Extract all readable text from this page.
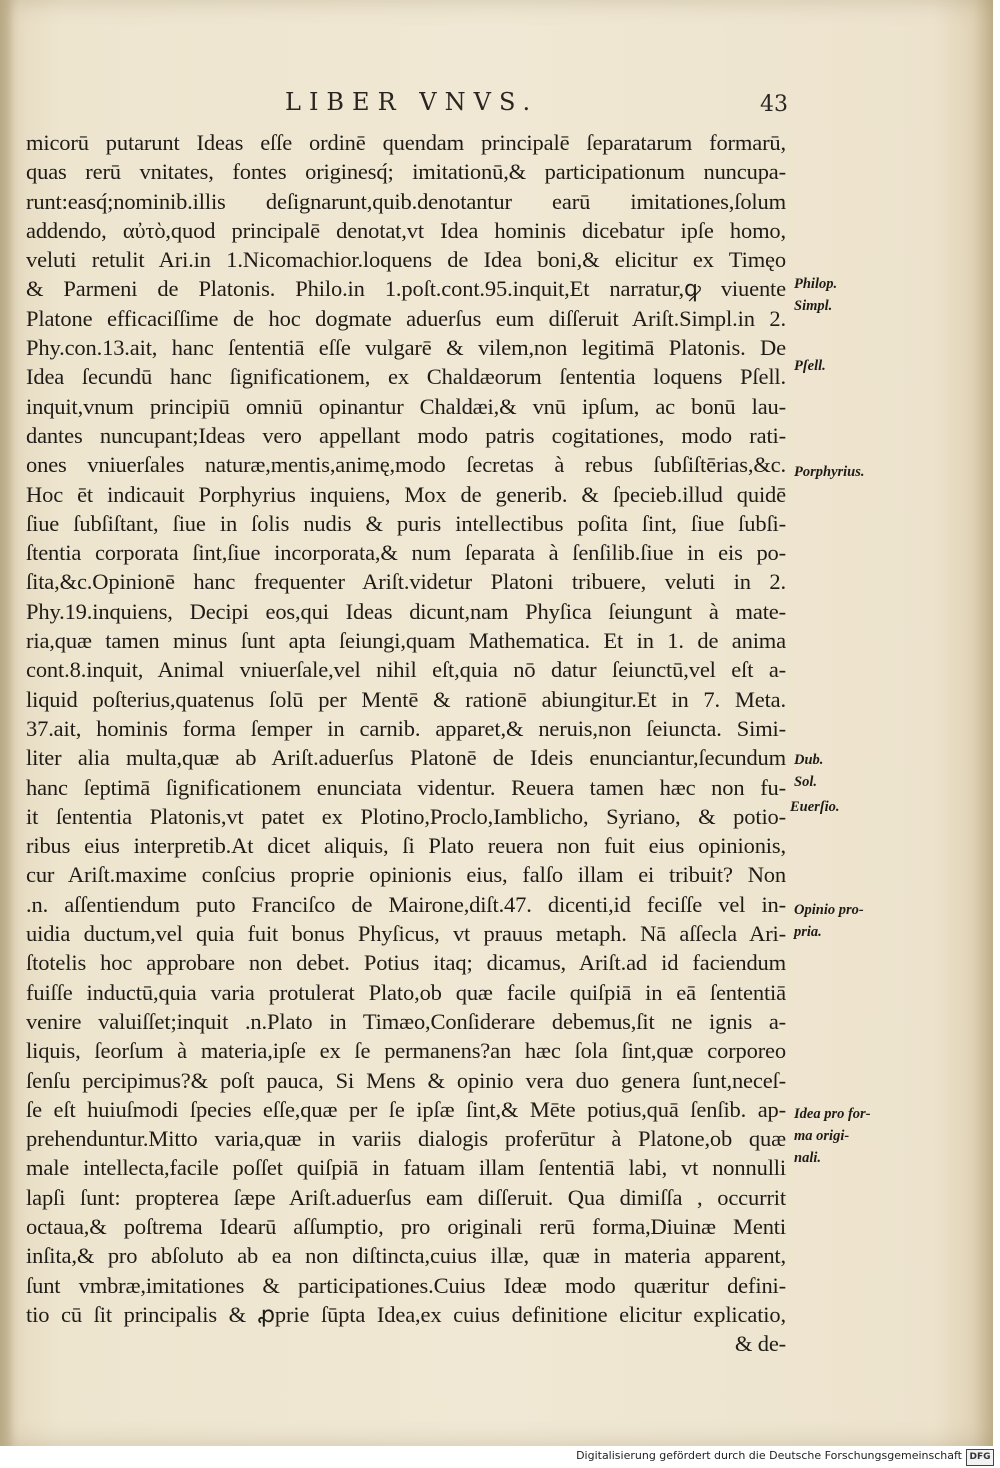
LIBER VNVS.	43
micorū putarunt Ideas eſſe ordinē quendam principalē ſeparatarum formarū,
quas rerū vnitates, fontes originesq́; imitationū,& participationum nuncupa-
runt:easq́;nominib.illis deſignarunt,quib.denotantur earū imitationes,ſolum
addendo, αὐτὸ,quod principalē denotat,vt Idea hominis dicebatur ipſe homo,
veluti retulit Ari.in 1.Nicomachior.loquens de Idea boni,& elicitur ex Timęo
& Parmeni de Platonis. Philo.in 1.poſt.cont.95.inquit,Et narratur,ꝙ viuente
Platone efficaciſſime de hoc dogmate aduerſus eum diſſeruit Ariſt.Simpl.in 2.
Phy.con.13.ait, hanc ſententiā eſſe vulgarē & vilem,non legitimā Platonis. De
Idea ſecundū hanc ſignificationem, ex Chaldæorum ſententia loquens Pſell.
inquit,vnum principiū omniū opinantur Chaldæi,& vnū ipſum, ac bonū lau-
dantes nuncupant;Ideas vero appellant modo patris cogitationes, modo rati-
ones vniuerſales naturæ,mentis,animę,modo ſecretas à rebus ſubſiſtērias,&c.
Hoc ēt indicauit Porphyrius inquiens, Mox de generib. & ſpecieb.illud quidē
ſiue ſubſiſtant, ſiue in ſolis nudis & puris intellectibus poſita ſint, ſiue ſubſi-
ſtentia corporata ſint,ſiue incorporata,& num ſeparata à ſenſilib.ſiue in eis po-
ſita,&c.Opinionē hanc frequenter Ariſt.videtur Platoni tribuere, veluti in 2.
Phy.19.inquiens, Decipi eos,qui Ideas dicunt,nam Phyſica ſeiungunt à mate-
ria,quæ tamen minus ſunt apta ſeiungi,quam Mathematica. Et in 1. de anima
cont.8.inquit, Animal vniuerſale,vel nihil eſt,quia nō datur ſeiunctū,vel eſt a-
liquid poſterius,quatenus ſolū per Mentē & rationē abiungitur.Et in 7. Meta.
37.ait, hominis forma ſemper in carnib. apparet,& neruis,non ſeiuncta. Simi-
liter alia multa,quæ ab Ariſt.aduerſus Platonē de Ideis enunciantur,ſecundum
hanc ſeptimā ſignificationem enunciata videntur. Reuera tamen hæc non fu-
it ſententia Platonis,vt patet ex Plotino,Proclo,Iamblicho, Syriano, & potio-
ribus eius interpretib.At dicet aliquis, ſi Plato reuera non fuit eius opinionis,
cur Ariſt.maxime conſcius proprie opinionis eius, falſo illam ei tribuit? Non
.n. aſſentiendum puto Franciſco de Mairone,diſt.47. dicenti,id feciſſe vel in-
uidia ductum,vel quia fuit bonus Phyſicus, vt prauus metaph. Nā aſſecla Ari-
ſtotelis hoc approbare non debet. Potius itaq; dicamus, Ariſt.ad id faciendum
fuiſſe inductū,quia varia protulerat Plato,ob quæ facile quiſpiā in eā ſententiā
venire valuiſſet;inquit .n.Plato in Timæo,Conſiderare debemus,ſit ne ignis a-
liquis, ſeorſum à materia,ipſe ex ſe permanens?an hæc ſola ſint,quæ corporeo
ſenſu percipimus?& poſt pauca, Si Mens & opinio vera duo genera ſunt,neceſ-
ſe eſt huiuſmodi ſpecies eſſe,quæ per ſe ipſæ ſint,& Mēte potius,quā ſenſib. ap-
prehenduntur.Mitto varia,quæ in variis dialogis proferūtur à Platone,ob quæ
male intellecta,facile poſſet quiſpiā in fatuam illam ſententiā labi, vt nonnulli
lapſi ſunt: propterea ſæpe Ariſt.aduerſus eam diſſeruit. Qua dimiſſa , occurrit
octaua,& poſtrema Idearū aſſumptio, pro originali rerū forma,Diuinæ Menti
inſita,& pro abſoluto ab ea non diſtincta,cuius illæ, quæ in materia apparent,
ſunt vmbræ,imitationes & participationes.Cuius Ideæ modo quæritur defini-
tio cū ſit principalis & ꝓprie ſūpta Idea,ex cuius definitione elicitur explicatio,
& de-
Philop.
Simpl.
Pſell.
Porphyrius.
Dub.
Sol.
Euerſio.
Opinio pro-
pria.
Idea pro for-
ma origi-
nali.
Digitalisierung gefördert durch die Deutsche Forschungsgemeinschaft DFG
